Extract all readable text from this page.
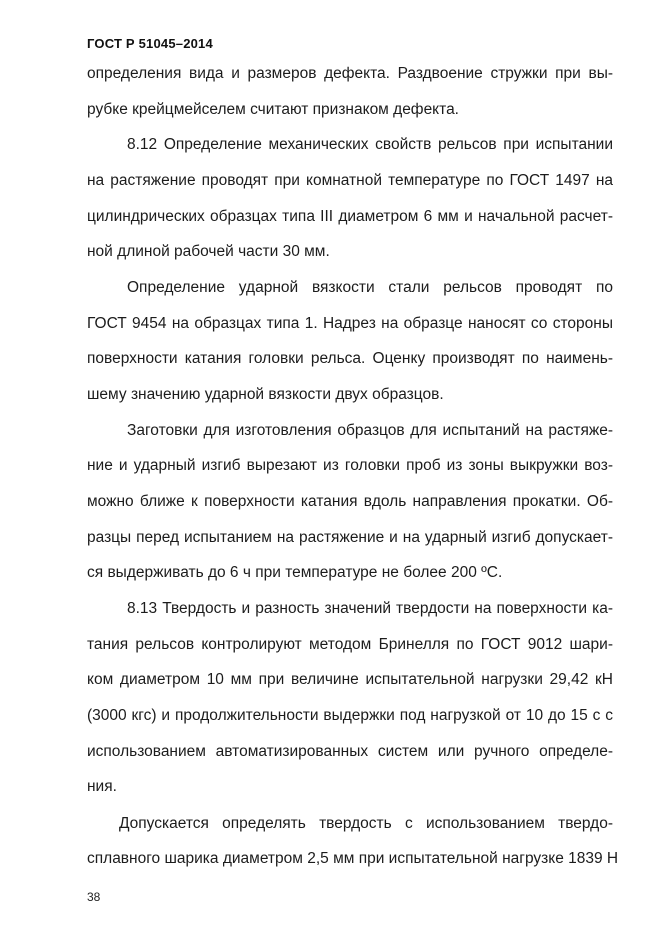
ГОСТ Р 51045–2014
определения вида и размеров дефекта. Раздвоение стружки при вы-
рубке крейцмейселем считают признаком дефекта.
8.12 Определение механических свойств рельсов при испытании
на растяжение проводят при комнатной температуре по ГОСТ 1497 на
цилиндрических образцах типа III диаметром 6 мм и начальной расчет-
ной длиной рабочей части 30 мм.
Определение ударной вязкости стали рельсов проводят по
ГОСТ 9454 на образцах типа 1. Надрез на образце наносят со стороны
поверхности катания головки рельса. Оценку производят по наимень-
шему значению ударной вязкости двух образцов.
Заготовки для изготовления образцов для испытаний на растяже-
ние и ударный изгиб вырезают из головки проб из зоны выкружки воз-
можно ближе к поверхности катания вдоль направления прокатки. Об-
разцы перед испытанием на растяжение и на ударный изгиб допускает-
ся выдерживать до 6 ч при температуре не более 200 ºС.
8.13 Твердость и разность значений твердости на поверхности ка-
тания рельсов контролируют методом Бринелля по ГОСТ 9012 шари-
ком диаметром 10 мм при величине испытательной нагрузки 29,42 кН
(3000 кгс) и продолжительности выдержки под нагрузкой от 10 до 15 с с
использованием автоматизированных систем или ручного определе-
ния.
Допускается определять твердость с использованием твердо-
сплавного шарика диаметром 2,5 мм при испытательной нагрузке 1839 Н
38
